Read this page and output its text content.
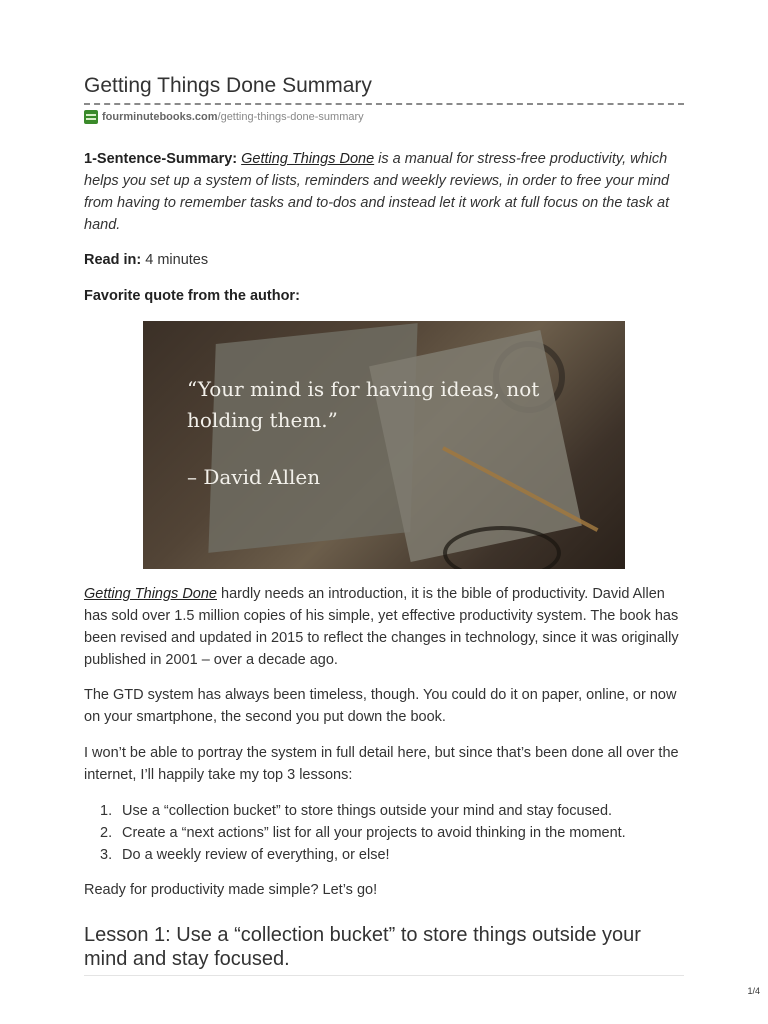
Getting Things Done Summary
fourminutebooks.com /getting-things-done-summary
1-Sentence-Summary: Getting Things Done is a manual for stress-free productivity, which helps you set up a system of lists, reminders and weekly reviews, in order to free your mind from having to remember tasks and to-dos and instead let it work at full focus on the task at hand.
Read in: 4 minutes
Favorite quote from the author:
“Your mind is for having ideas, not holding them.”
– David Allen
Getting Things Done hardly needs an introduction, it is the bible of productivity. David Allen has sold over 1.5 million copies of his simple, yet effective productivity system. The book has been revised and updated in 2015 to reflect the changes in technology, since it was originally published in 2001 – over a decade ago.
The GTD system has always been timeless, though. You could do it on paper, online, or now on your smartphone, the second you put down the book.
I won’t be able to portray the system in full detail here, but since that’s been done all over the internet, I’ll happily take my top 3 lessons:
1. Use a “collection bucket” to store things outside your mind and stay focused.
2. Create a “next actions” list for all your projects to avoid thinking in the moment.
3. Do a weekly review of everything, or else!
Ready for productivity made simple? Let’s go!
Lesson 1: Use a “collection bucket” to store things outside your mind and stay focused.
1/4
